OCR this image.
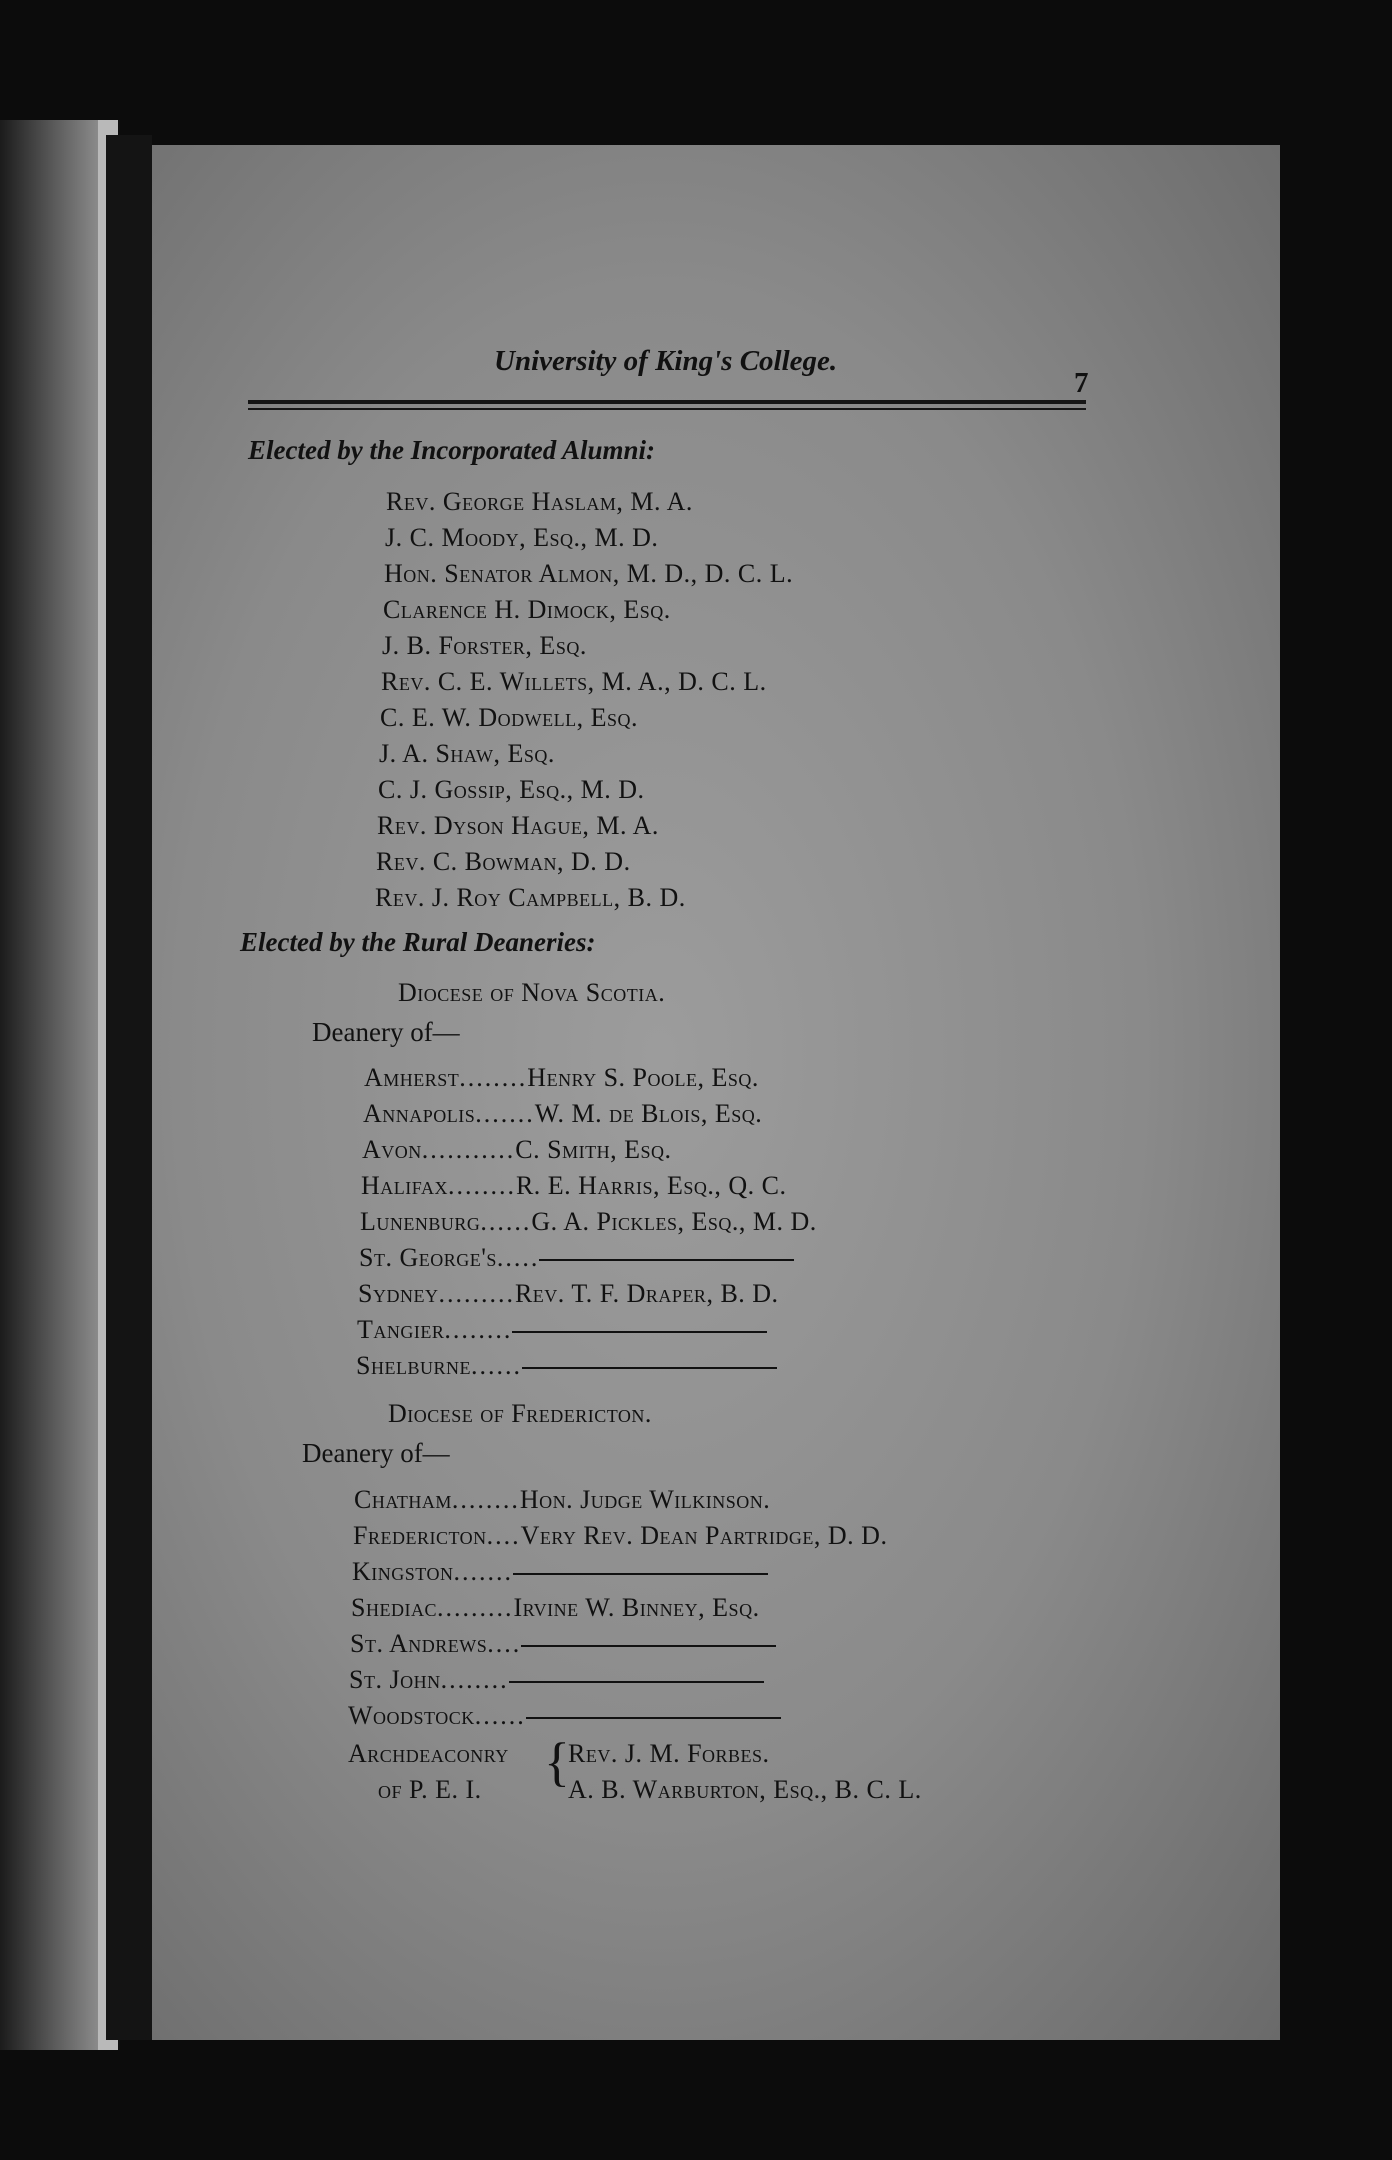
University of King's College.
7
Elected by the Incorporated Alumni:
Rev. George Haslam, M. A.
J. C. Moody, Esq., M. D.
Hon. Senator Almon, M. D., D. C. L.
Clarence H. Dimock, Esq.
J. B. Forster, Esq.
Rev. C. E. Willets, M. A., D. C. L.
C. E. W. Dodwell, Esq.
J. A. Shaw, Esq.
C. J. Gossip, Esq., M. D.
Rev. Dyson Hague, M. A.
Rev. C. Bowman, D. D.
Rev. J. Roy Campbell, B. D.
Elected by the Rural Deaneries:
Diocese of Nova Scotia.
Deanery of—
Amherst........Henry S. Poole, Esq.
Annapolis.......W. M. de Blois, Esq.
Avon...........C. Smith, Esq.
Halifax........R. E. Harris, Esq., Q. C.
Lunenburg......G. A. Pickles, Esq., M. D.
St. George's.....
Sydney.........Rev. T. F. Draper, B. D.
Tangier........
Shelburne......
Diocese of Fredericton.
Deanery of—
Chatham........Hon. Judge Wilkinson.
Fredericton....Very Rev. Dean Partridge, D. D.
Kingston.......
Shediac.........Irvine W. Binney, Esq.
St. Andrews....
St. John........
Woodstock......
Archdeaconry
of P. E. I. {
Rev. J. M. Forbes.
A. B. Warburton, Esq., B. C. L.
